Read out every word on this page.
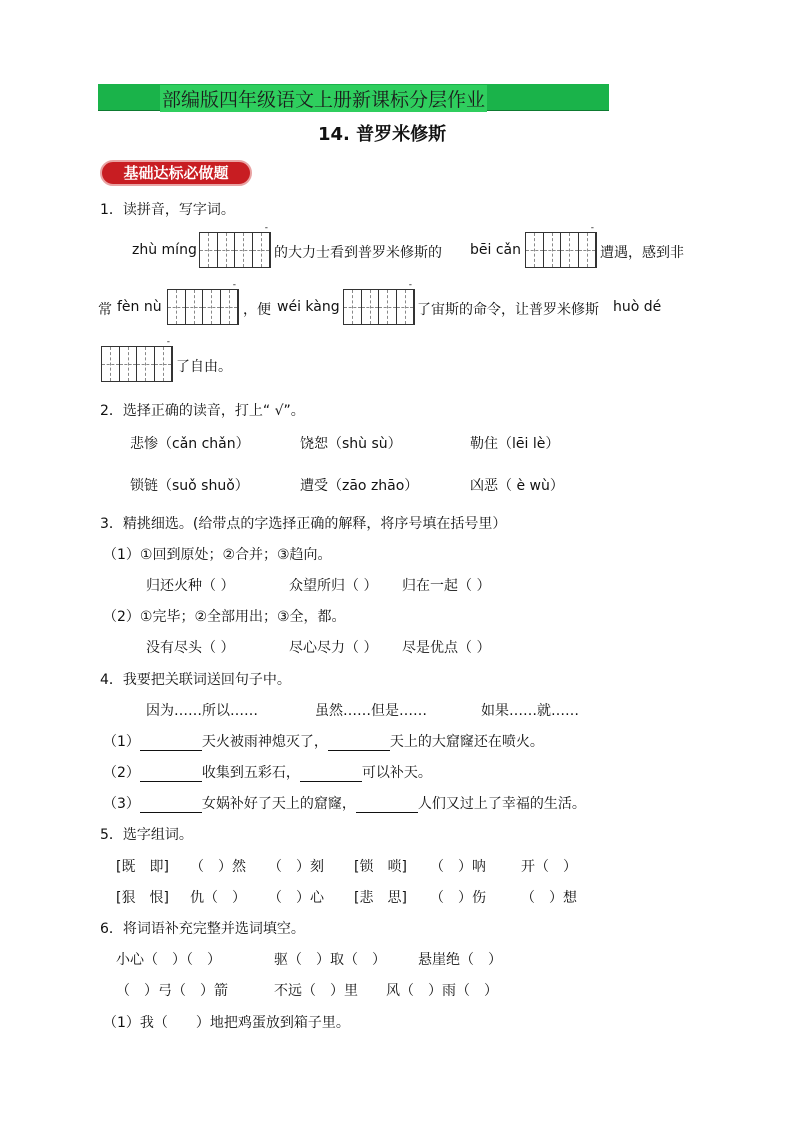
部编版四年级语文上册新课标分层作业
14. 普罗米修斯
基础达标必做题
1．读拼音，写字词。
zhù míng
-
的大力士看到普罗米修斯的 bēi cǎn
-
遭遇，感到非
常 fèn nù
-
，便 wéi kàng
-
了宙斯的命令，让普罗米修斯 huò dé
-
了自由。
2．选择正确的读音，打上“ √”。
悲惨（cǎn chǎn）	饶恕（shù sù）	勒住（lēi lè）
锁链（suǒ shuǒ）	遭受（zāo zhāo）	凶恶（ è wù）
3．精挑细选。(给带点的字选择正确的解释，将序号填在括号里）
（1）①回到原处；②合并；③趋向。
归还火种（ ）	众望所归（ ） 归在一起（ ）
（2）①完毕；②全部用出；③全，都。
没有尽头（ ）	尽心尽力（ ） 尽是优点（ ）
4．我要把关联词送回句子中。
因为……所以……	虽然……但是……	如果……就……
（1）	天火被雨神熄灭了，	天上的大窟窿还在喷火。
（2）	收集到五彩石，	可以补天。
（3）	女娲补好了天上的窟窿，	人们又过上了幸福的生活。
5．选字组词。
[既　即] （　）然 （　）刻 [锁　唢] （　）呐	开（　）
[狠　恨] 仇（　） （　）心 [悲　思] （　）伤	（　）想
6．将词语补充完整并选词填空。
小心（　）（　）	驱（　）取（　） 悬崖绝（　）
（　）弓（　）箭	不远（　）里 风（　）雨（　）
（1）我（　　）地把鸡蛋放到箱子里。
